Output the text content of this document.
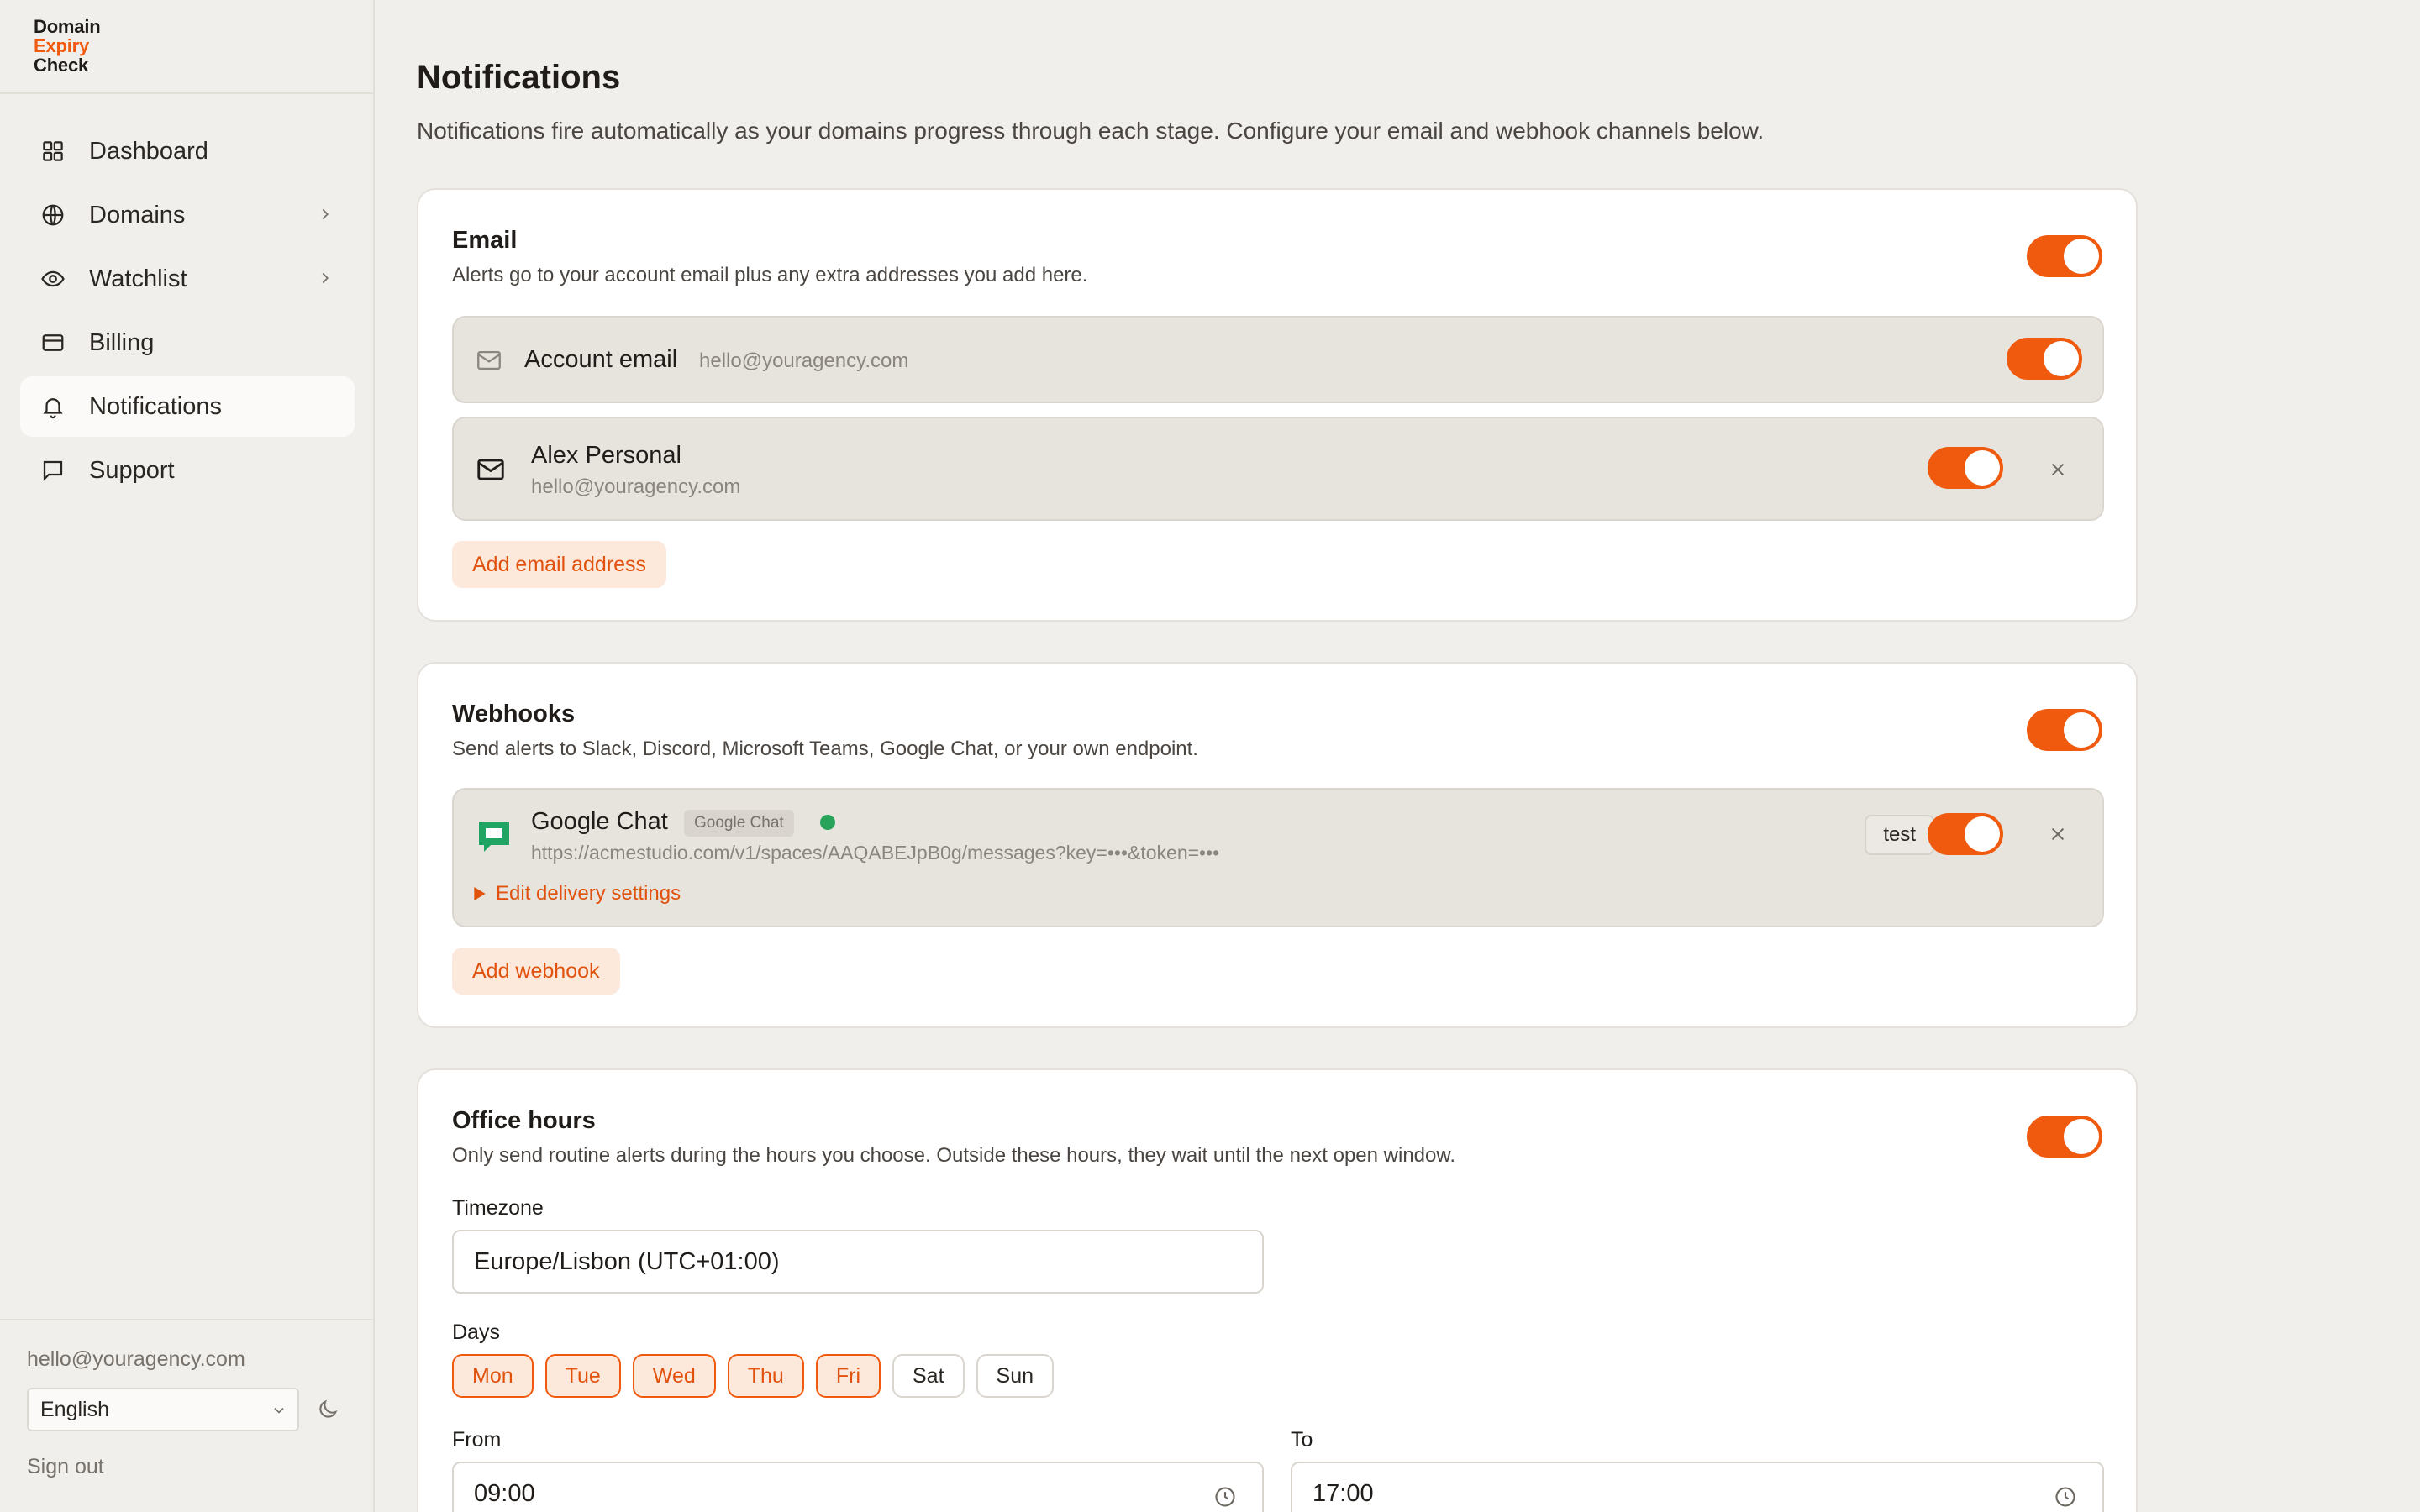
Domain
Expiry
Check
Dashboard
Domains
Watchlist
Billing
Notifications
Support
hello@youragency.com
English
Sign out
Notifications

Notifications fire automatically as your domains progress through each stage. Configure your email and webhook channels below.

Email
Alerts go to your account email plus any extra addresses you add here.
Account email hello@youragency.com
Alex Personal
hello@youragency.com
Add email address
Webhooks
Send alerts to Slack, Discord, Microsoft Teams, Google Chat, or your own endpoint.
Google Chat	Google Chat
https://acmestudio.com/v1/spaces/AAQABEJpB0g/messages?key=•••&token=•••
Edit delivery settings
test
Add webhook
Office hours
Only send routine alerts during the hours you choose. Outside these hours, they wait until the next open window.
Timezone
Europe/Lisbon (UTC+01:00)
Days
Mon	Tue	Wed	Thu	Fri	Sat	Sun
From
09:00
To
17:00
